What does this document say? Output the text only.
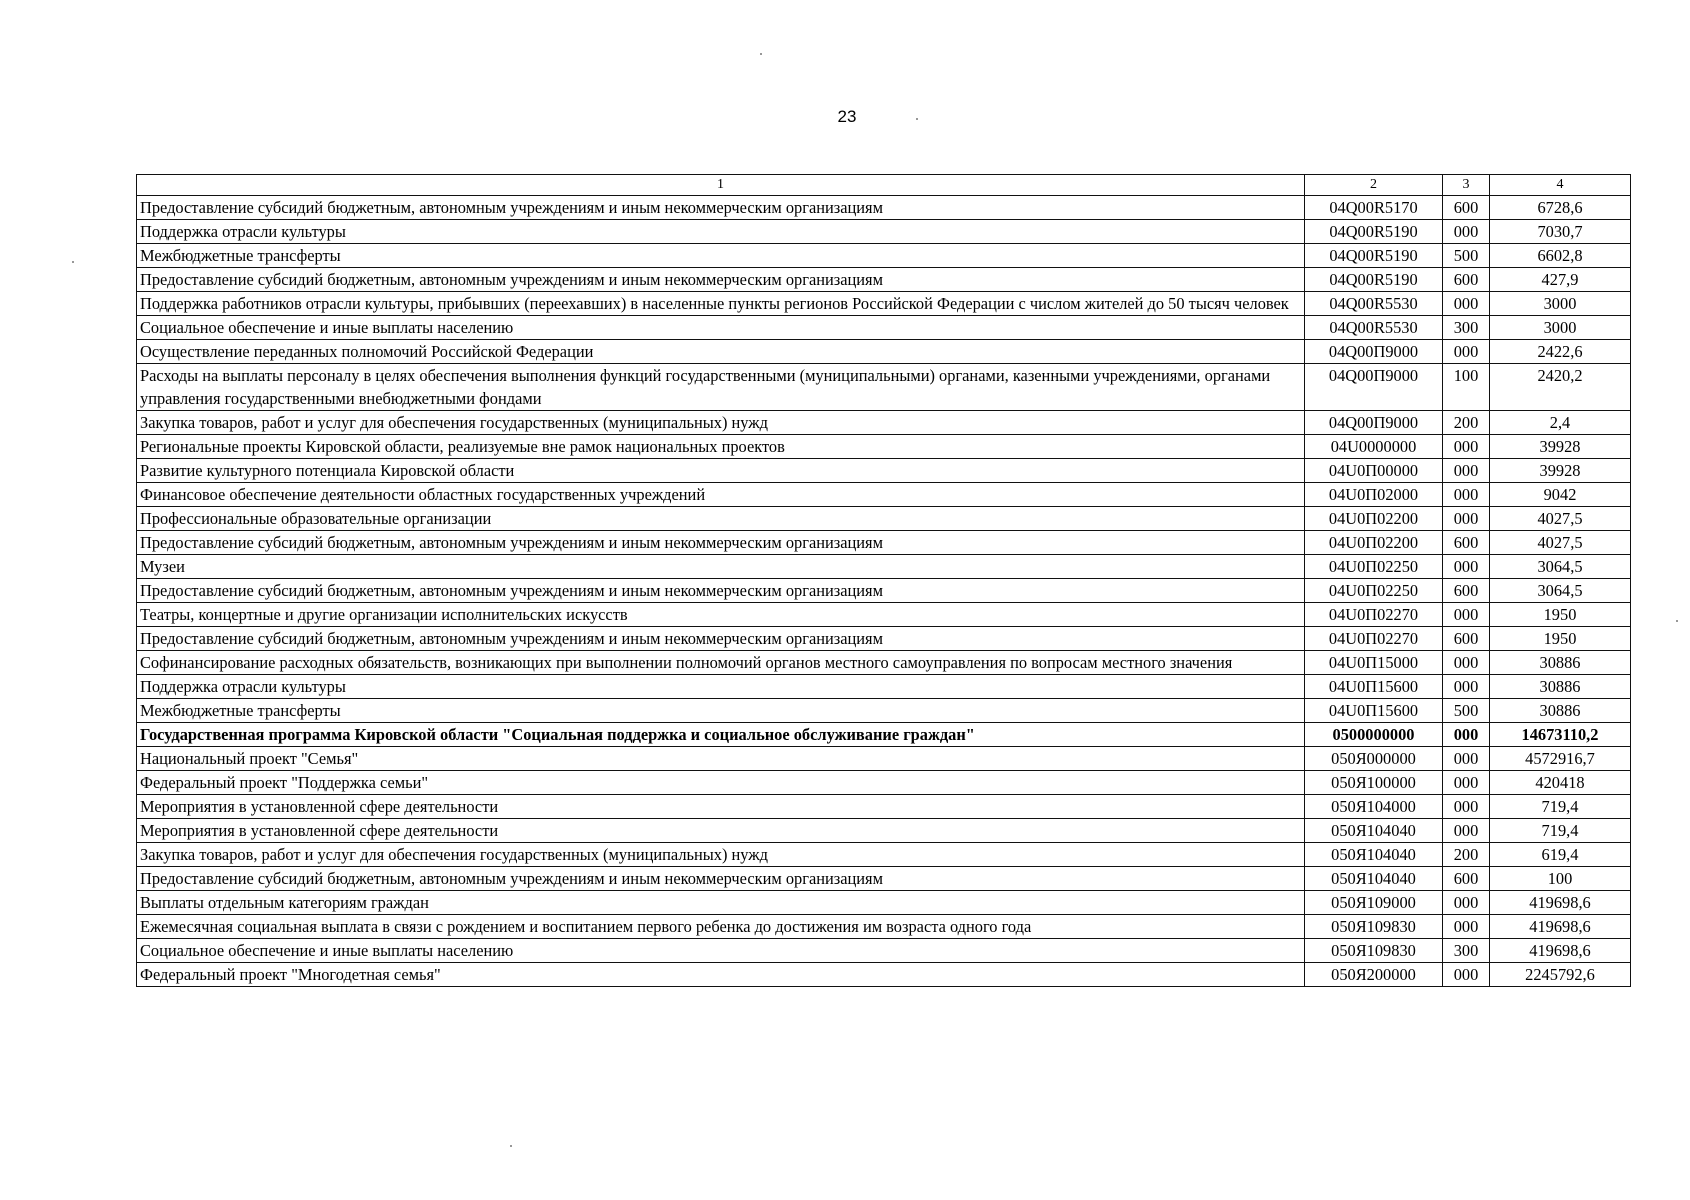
23
1	2	3	4
Предоставление субсидий бюджетным, автономным учреждениям и иным некоммерческим организациям	04Q00R5170	600	6728,6
Поддержка отрасли культуры	04Q00R5190	000	7030,7
Межбюджетные трансферты	04Q00R5190	500	6602,8
Предоставление субсидий бюджетным, автономным учреждениям и иным некоммерческим организациям	04Q00R5190	600	427,9
Поддержка работников отрасли культуры, прибывших (переехавших) в населенные пункты регионов Российской Федерации с числом жителей до 50 тысяч человек	04Q00R5530	000	3000
Социальное обеспечение и иные выплаты населению	04Q00R5530	300	3000
Осуществление переданных полномочий Российской Федерации	04Q00П9000	000	2422,6
Расходы на выплаты персоналу в целях обеспечения выполнения функций государственными (муниципальными) органами, казенными учреждениями, органами управления государственными внебюджетными фондами	04Q00П9000	100	2420,2
Закупка товаров, работ и услуг для обеспечения государственных (муниципальных) нужд	04Q00П9000	200	2,4
Региональные проекты Кировской области, реализуемые вне рамок национальных проектов	04U0000000	000	39928
Развитие культурного потенциала Кировской области	04U0П00000	000	39928
Финансовое обеспечение деятельности областных государственных учреждений	04U0П02000	000	9042
Профессиональные образовательные организации	04U0П02200	000	4027,5
Предоставление субсидий бюджетным, автономным учреждениям и иным некоммерческим организациям	04U0П02200	600	4027,5
Музеи	04U0П02250	000	3064,5
Предоставление субсидий бюджетным, автономным учреждениям и иным некоммерческим организациям	04U0П02250	600	3064,5
Театры, концертные и другие организации исполнительских искусств	04U0П02270	000	1950
Предоставление субсидий бюджетным, автономным учреждениям и иным некоммерческим организациям	04U0П02270	600	1950
Софинансирование расходных обязательств, возникающих при выполнении полномочий органов местного самоуправления по вопросам местного значения	04U0П15000	000	30886
Поддержка отрасли культуры	04U0П15600	000	30886
Межбюджетные трансферты	04U0П15600	500	30886
Государственная программа Кировской области "Социальная поддержка и социальное обслуживание граждан"	0500000000	000	14673110,2
Национальный проект "Семья"	050Я000000	000	4572916,7
Федеральный проект "Поддержка семьи"	050Я100000	000	420418
Мероприятия в установленной сфере деятельности	050Я104000	000	719,4
Мероприятия в установленной сфере деятельности	050Я104040	000	719,4
Закупка товаров, работ и услуг для обеспечения государственных (муниципальных) нужд	050Я104040	200	619,4
Предоставление субсидий бюджетным, автономным учреждениям и иным некоммерческим организациям	050Я104040	600	100
Выплаты отдельным категориям граждан	050Я109000	000	419698,6
Ежемесячная социальная выплата в связи с рождением и воспитанием первого ребенка до достижения им возраста одного года	050Я109830	000	419698,6
Социальное обеспечение и иные выплаты населению	050Я109830	300	419698,6
Федеральный проект "Многодетная семья"	050Я200000	000	2245792,6
